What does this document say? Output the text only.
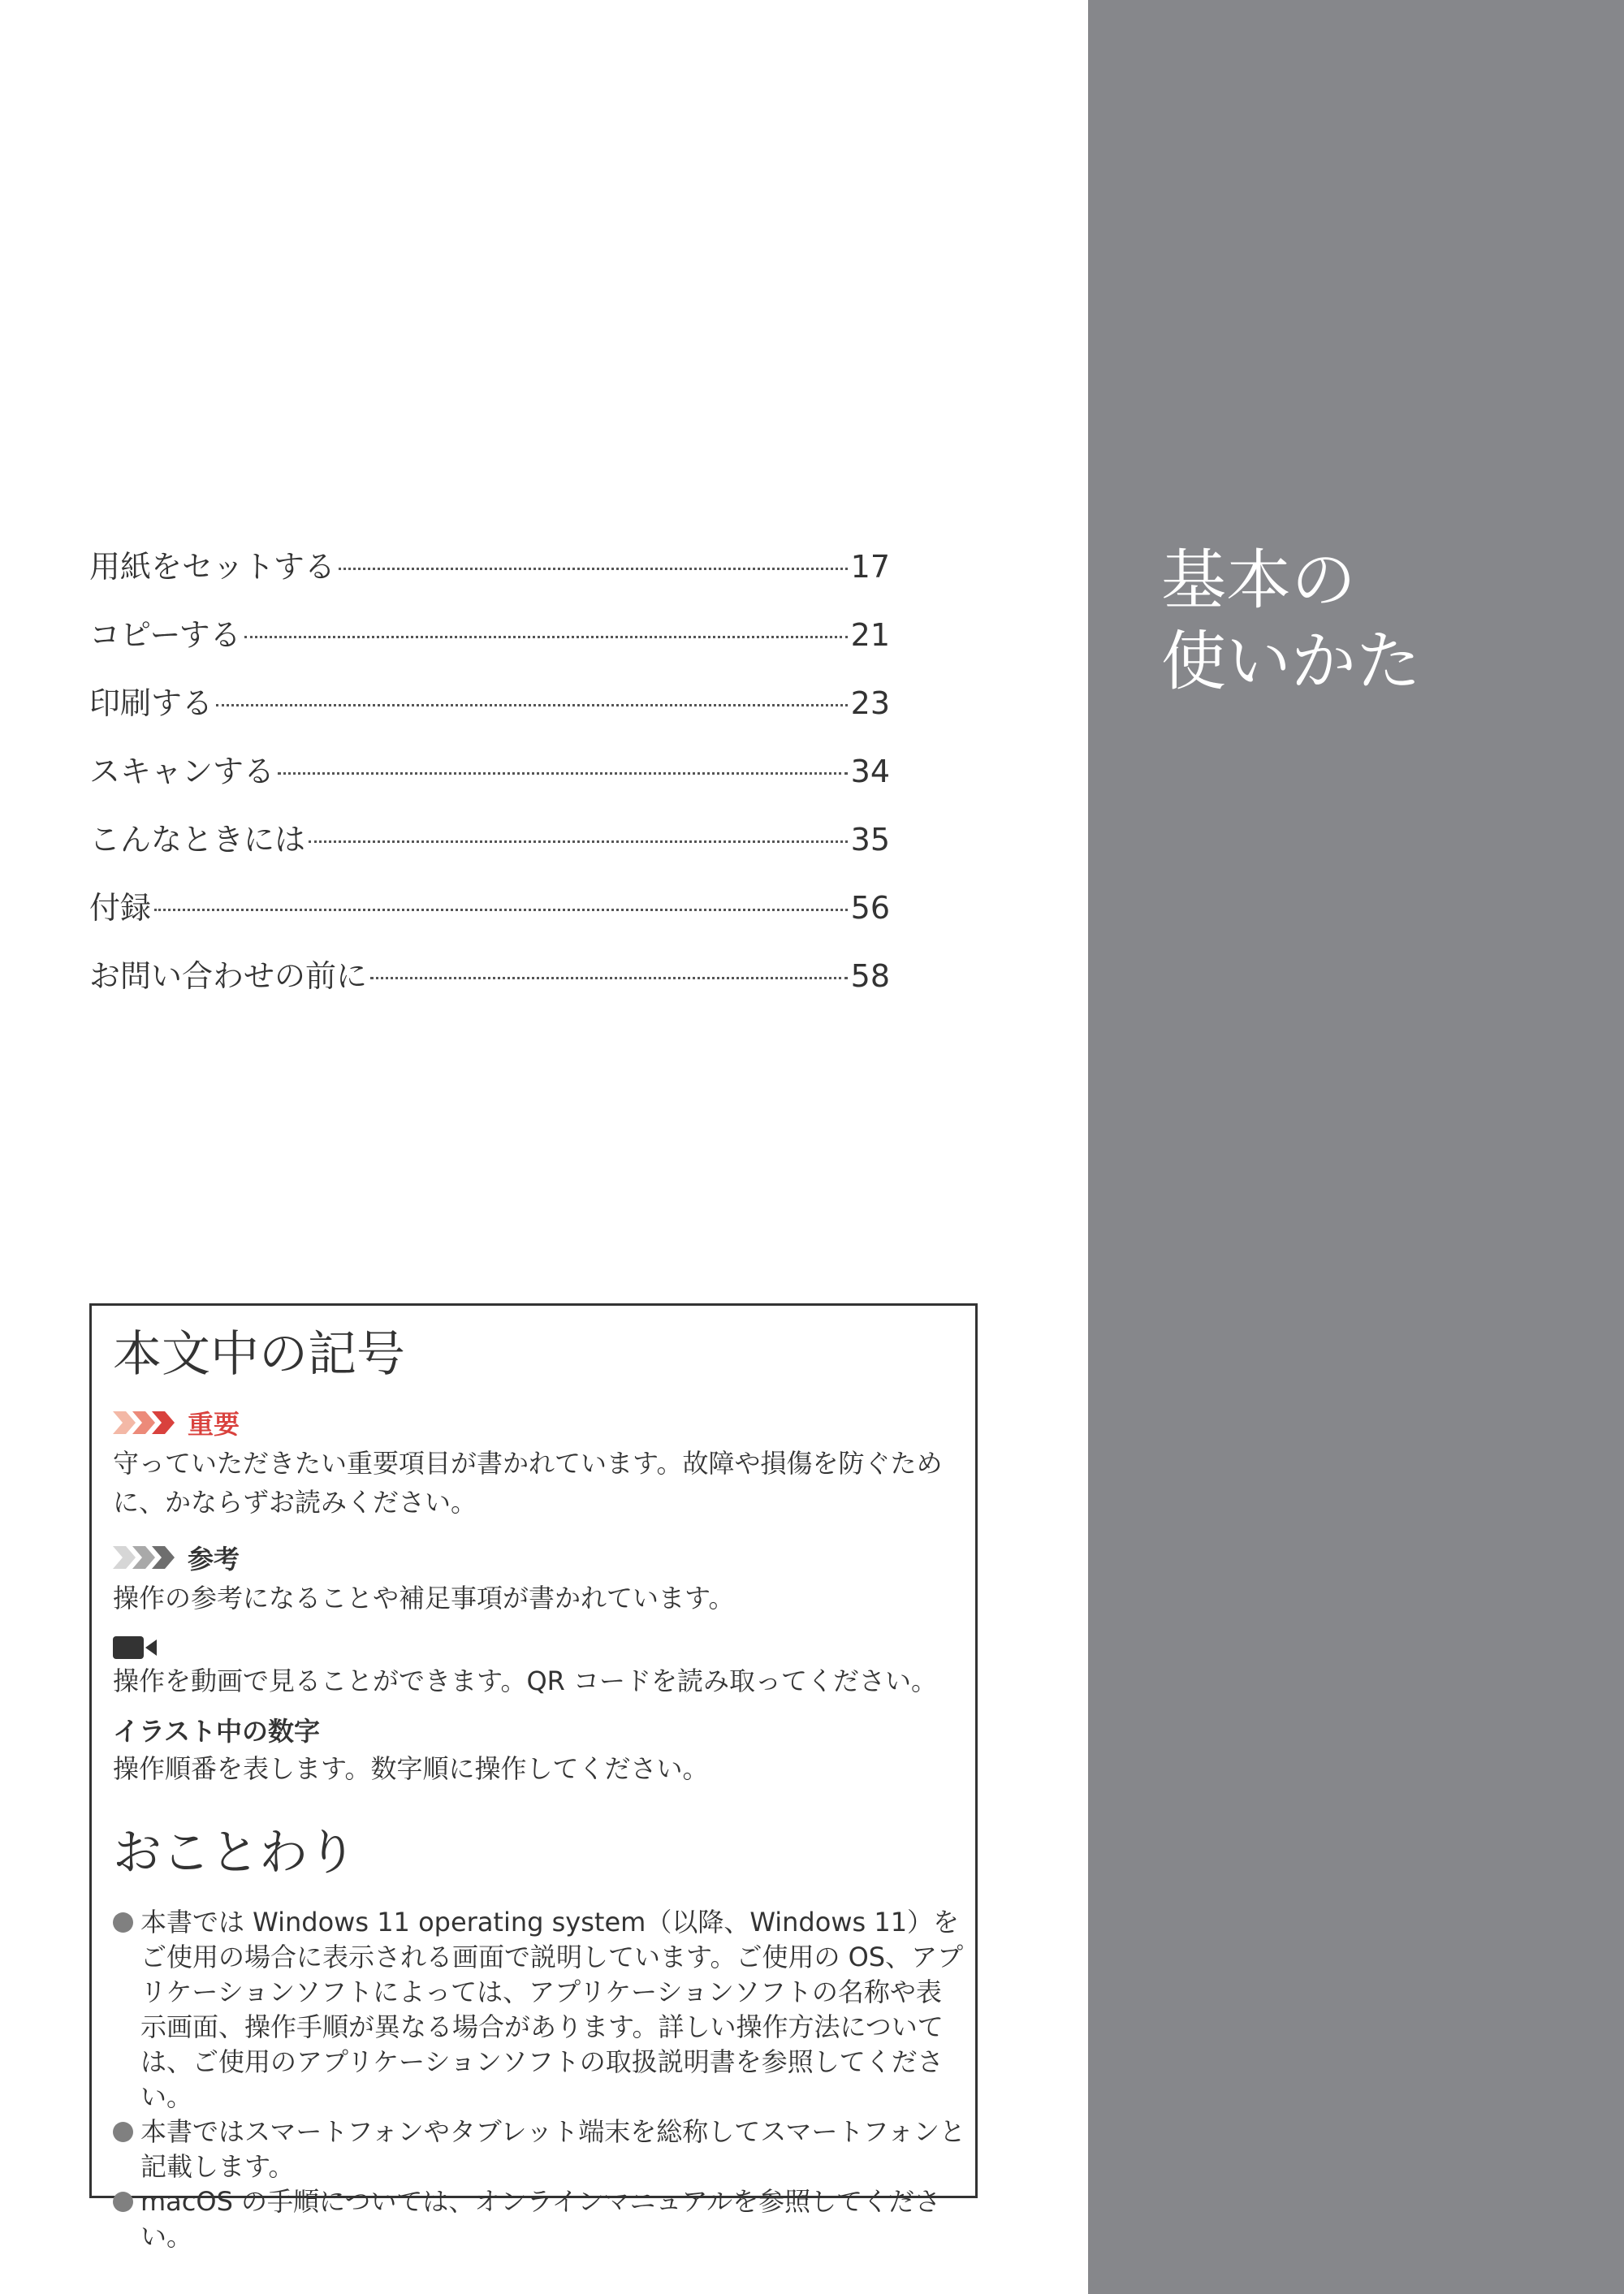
基本の
使いかた
用紙をセットする	17
コピーする	21
印刷する	23
スキャンする	34
こんなときには	35
付録	56
お問い合わせの前に	58
本文中の記号
重要

守っていただきたい重要項目が書かれています。故障や損傷を防ぐために、かならずお読みください。

参考

操作の参考になることや補足事項が書かれています。

操作を動画で見ることができます。QR コードを読み取ってください。

イラスト中の数字

操作順番を表します。数字順に操作してください。

おことわり
本書では Windows 11 operating system（以降、Windows 11）をご使用の場合に表示される画面で説明しています。ご使用の OS、アプリケーションソフトによっては、アプリケーションソフトの名称や表示画面、操作手順が異なる場合があります。詳しい操作方法については、ご使用のアプリケーションソフトの取扱説明書を参照してください。
本書ではスマートフォンやタブレット端末を総称してスマートフォンと記載します。
macOS の手順については、オンラインマニュアルを参照してください。
